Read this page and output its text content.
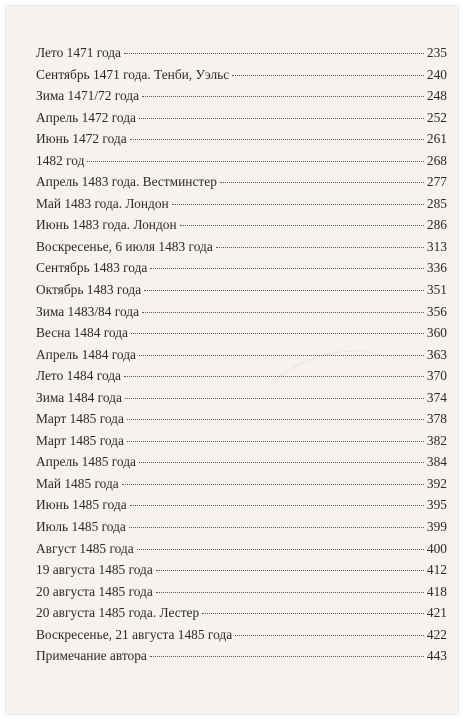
Лето 1471 года	235
Сентябрь 1471 года. Тенби, Уэльс	240
Зима 1471/72 года	248
Апрель 1472 года	252
Июнь 1472 года	261
1482 год	268
Апрель 1483 года. Вестминстер	277
Май 1483 года. Лондон	285
Июнь 1483 года. Лондон	286
Воскресенье, 6 июля 1483 года	313
Сентябрь 1483 года	336
Октябрь 1483 года	351
Зима 1483/84 года	356
Весна 1484 года	360
Апрель 1484 года	363
Лето 1484 года	370
Зима 1484 года	374
Март 1485 года	378
Март 1485 года	382
Апрель 1485 года	384
Май 1485 года	392
Июнь 1485 года	395
Июль 1485 года	399
Август 1485 года	400
19 августа 1485 года	412
20 августа 1485 года	418
20 августа 1485 года. Лестер	421
Воскресенье, 21 августа 1485 года	422
Примечание автора	443
